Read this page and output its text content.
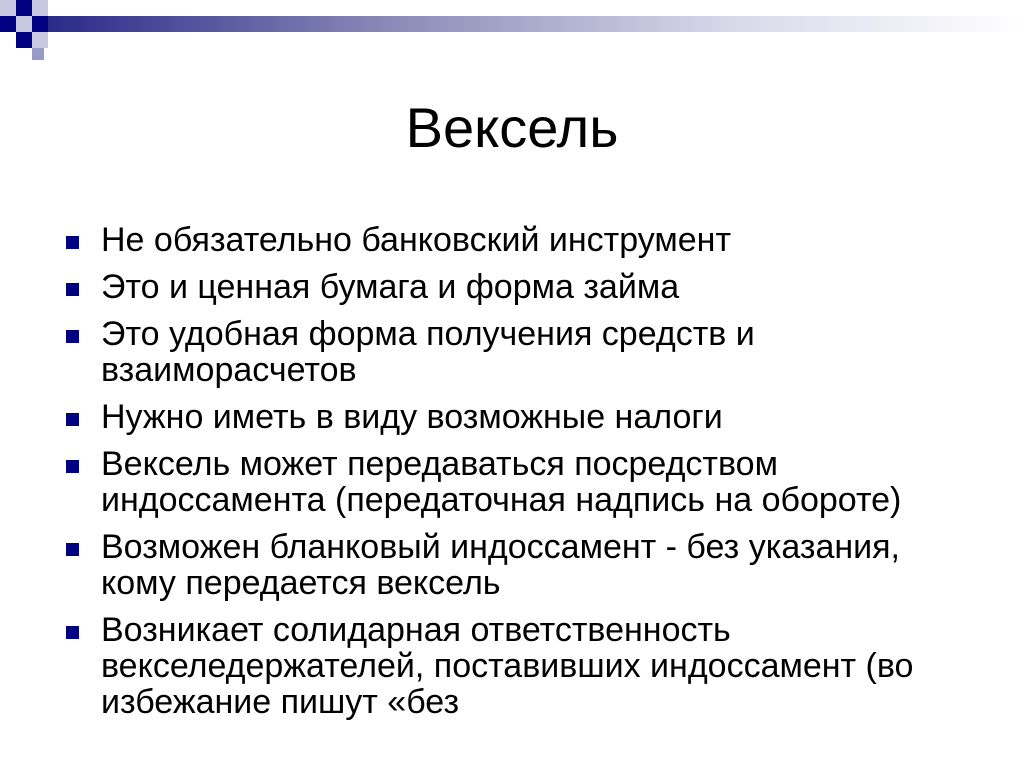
Вексель
Не обязательно банковский инструмент
Это и ценная бумага и форма займа
Это удобная форма получения средств и взаиморасчетов
Нужно иметь в виду возможные налоги
Вексель может передаваться посредством индоссамента (передаточная надпись на обороте)
Возможен бланковый индоссамент - без указания, кому передается вексель
Возникает солидарная ответственность векселедержателей, поставивших индоссамент (во избежание пишут «без
